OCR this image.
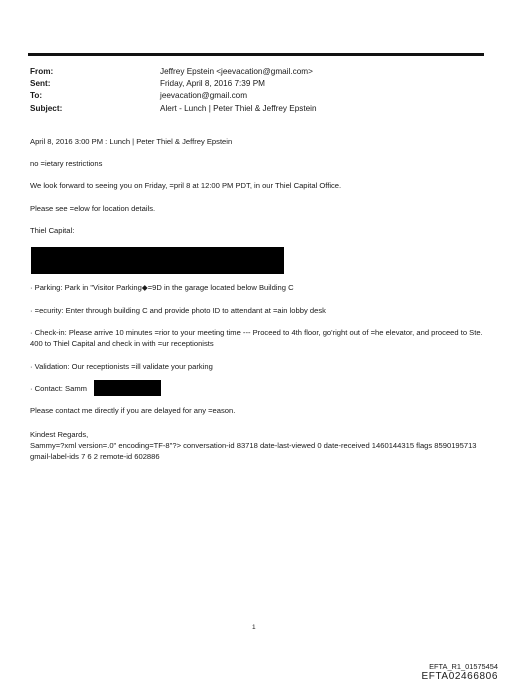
From:	Jeffrey Epstein <jeevacation@gmail.com>
Sent:	Friday, April 8, 2016 7:39 PM
To:	jeevacation@gmail.com
Subject:	Alert - Lunch | Peter Thiel & Jeffrey Epstein

April 8, 2016 3:00 PM : Lunch | Peter Thiel & Jeffrey Epstein

no =ietary restrictions

We look forward to seeing you on Friday, =pril 8 at 12:00 PM PDT, in our Thiel Capital Office.

Please see =elow for location details.

Thiel Capital:

· Parking: Park in "Visitor Parking◆=9D in the garage located below Building C

· =ecurity: Enter through building C and provide photo ID to attendant at =ain lobby desk

· Check-in: Please arrive 10 minutes =rior to your meeting time --- Proceed to 4th floor, go'right out of =he elevator, and proceed to Ste. 400 to Thiel Capital and check in with =ur receptionists

· Validation: Our receptionists =ill validate your parking

· Contact: Samm

Please contact me directly if you are delayed for any =eason.

Kindest Regards,

Sammy=?xml version=.0" encoding=TF-8"?> conversation-id 83718 date-last-viewed 0 date-received 1460144315 flags 8590195713 gmail-label-ids 7 6 2 remote-id 602886

1
EFTA_R1_01575454
EFTA02466806
